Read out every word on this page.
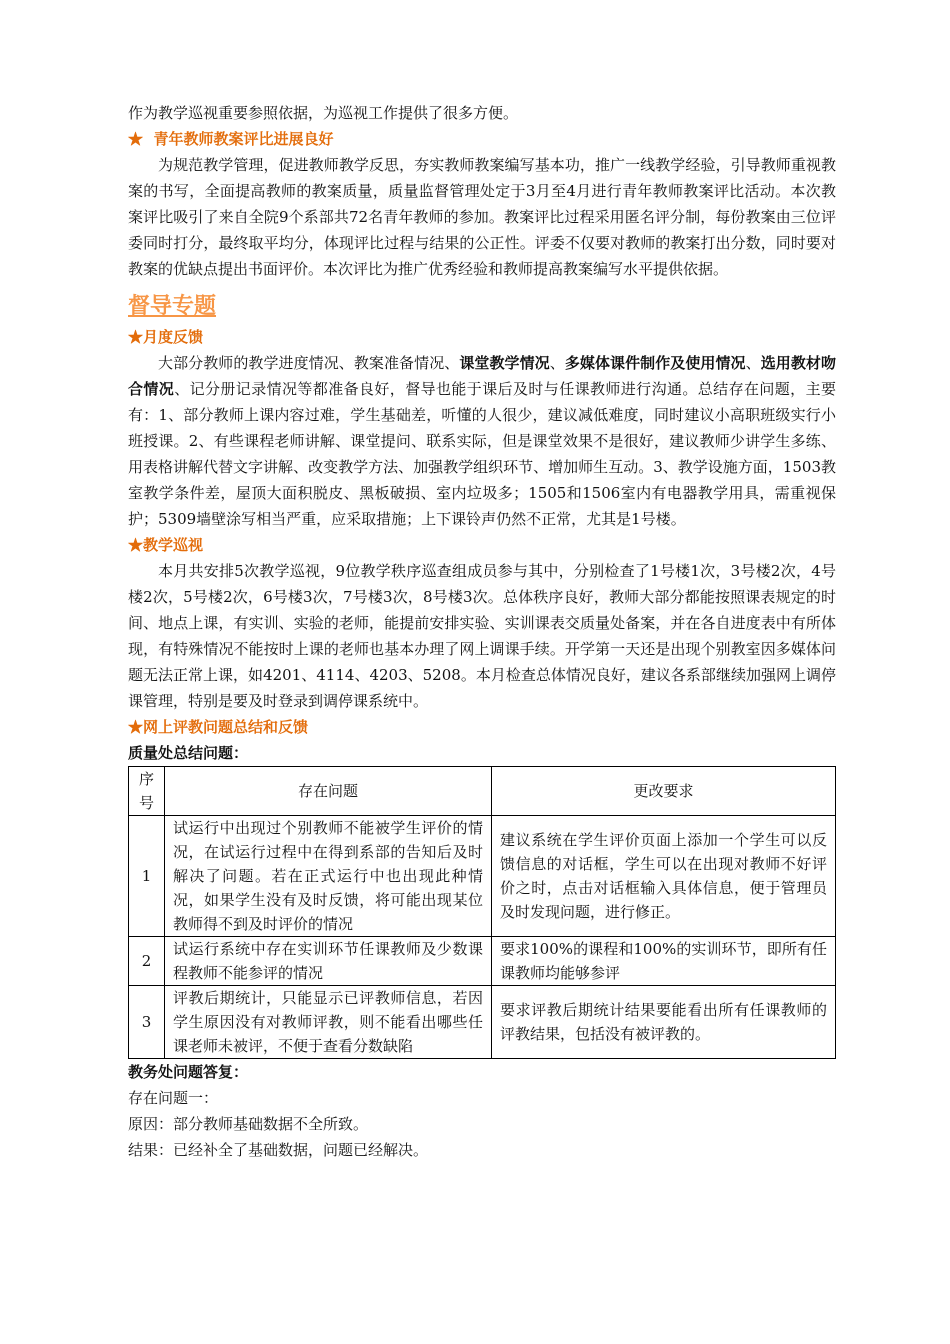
作为教学巡视重要参照依据，为巡视工作提供了很多方便。

★ 青年教师教案评比进展良好

为规范教学管理，促进教师教学反思，夯实教师教案编写基本功，推广一线教学经验，引导教师重视教案的书写，全面提高教师的教案质量，质量监督管理处定于3月至4月进行青年教师教案评比活动。本次教案评比吸引了来自全院9个系部共72名青年教师的参加。教案评比过程采用匿名评分制，每份教案由三位评委同时打分，最终取平均分，体现评比过程与结果的公正性。评委不仅要对教师的教案打出分数，同时要对教案的优缺点提出书面评价。本次评比为推广优秀经验和教师提高教案编写水平提供依据。

督导专题

★月度反馈

大部分教师的教学进度情况、教案准备情况、课堂教学情况、多媒体课件制作及使用情况、选用教材吻合情况、记分册记录情况等都准备良好，督导也能于课后及时与任课教师进行沟通。总结存在问题，主要有：1、部分教师上课内容过难，学生基础差，听懂的人很少，建议减低难度，同时建议小高职班级实行小班授课。2、有些课程老师讲解、课堂提问、联系实际，但是课堂效果不是很好，建议教师少讲学生多练、用表格讲解代替文字讲解、改变教学方法、加强教学组织环节、增加师生互动。3、教学设施方面，1503教室教学条件差，屋顶大面积脱皮、黑板破损、室内垃圾多；1505和1506室内有电器教学用具，需重视保护；5309墙壁涂写相当严重，应采取措施；上下课铃声仍然不正常，尤其是1号楼。

★教学巡视

本月共安排5次教学巡视，9位教学秩序巡查组成员参与其中，分别检查了1号楼1次，3号楼2次，4号楼2次，5号楼2次，6号楼3次，7号楼3次，8号楼3次。总体秩序良好，教师大部分都能按照课表规定的时间、地点上课，有实训、实验的老师，能提前安排实验、实训课表交质量处备案，并在各自进度表中有所体现，有特殊情况不能按时上课的老师也基本办理了网上调课手续。开学第一天还是出现个别教室因多媒体问题无法正常上课，如4201、4114、4203、5208。本月检查总体情况良好，建议各系部继续加强网上调停课管理，特别是要及时登录到调停课系统中。

★网上评教问题总结和反馈

质量处总结问题：

序号	存在问题	更改要求
1	试运行中出现过个别教师不能被学生评价的情况，在试运行过程中在得到系部的告知后及时解决了问题。若在正式运行中也出现此种情况，如果学生没有及时反馈，将可能出现某位教师得不到及时评价的情况	建议系统在学生评价页面上添加一个学生可以反馈信息的对话框，学生可以在出现对教师不好评价之时，点击对话框输入具体信息，便于管理员及时发现问题，进行修正。
2	试运行系统中存在实训环节任课教师及少数课程教师不能参评的情况	要求100%的课程和100%的实训环节，即所有任课教师均能够参评
3	评教后期统计，只能显示已评教师信息，若因学生原因没有对教师评教，则不能看出哪些任课老师未被评，不便于查看分数缺陷	要求评教后期统计结果要能看出所有任课教师的评教结果，包括没有被评教的。

教务处问题答复：

存在问题一：

原因：部分教师基础数据不全所致。

结果：已经补全了基础数据，问题已经解决。
